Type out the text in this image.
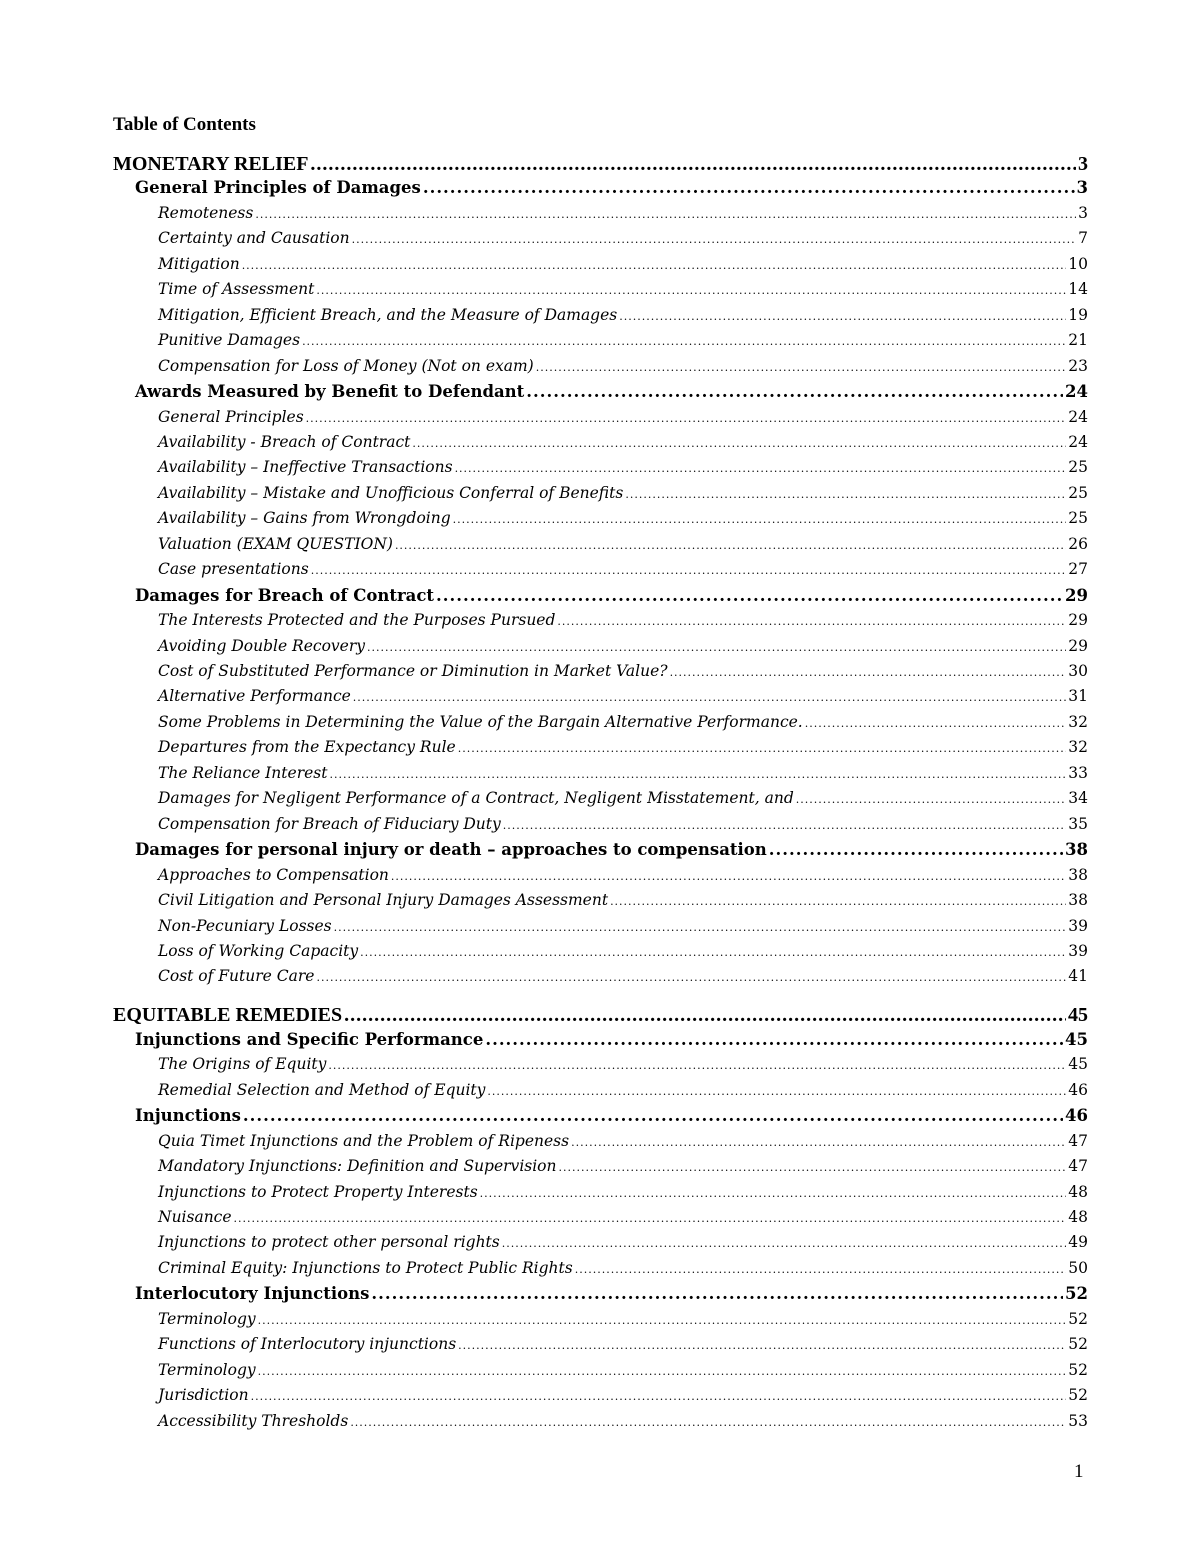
Table of Contents
MONETARY RELIEF .....	3
General Principles of Damages .....	3
Remoteness .....	3
Certainty and Causation .....	7
Mitigation .....	10
Time of Assessment .....	14
Mitigation, Efficient Breach, and the Measure of Damages .....	19
Punitive Damages .....	21
Compensation for Loss of Money (Not on exam) .....	23
Awards Measured by Benefit to Defendant .....	24
General Principles .....	24
Availability - Breach of Contract .....	24
Availability – Ineffective Transactions .....	25
Availability – Mistake and Unofficious Conferral of Benefits .....	25
Availability – Gains from Wrongdoing .....	25
Valuation (EXAM QUESTION) .....	26
Case presentations .....	27
Damages for Breach of Contract .....	29
The Interests Protected and the Purposes Pursued .....	29
Avoiding Double Recovery .....	29
Cost of Substituted Performance or Diminution in Market Value? .....	30
Alternative Performance .....	31
Some Problems in Determining the Value of the Bargain Alternative Performance. .....	32
Departures from the Expectancy Rule .....	32
The Reliance Interest .....	33
Damages for Negligent Performance of a Contract, Negligent Misstatement, and .....	34
Compensation for Breach of Fiduciary Duty .....	35
Damages for personal injury or death – approaches to compensation .....	38
Approaches to Compensation .....	38
Civil Litigation and Personal Injury Damages Assessment .....	38
Non-Pecuniary Losses .....	39
Loss of Working Capacity .....	39
Cost of Future Care .....	41
EQUITABLE REMEDIES .....	45
Injunctions and Specific Performance .....	45
The Origins of Equity .....	45
Remedial Selection and Method of Equity .....	46
Injunctions .....	46
Quia Timet Injunctions and the Problem of Ripeness .....	47
Mandatory Injunctions: Definition and Supervision .....	47
Injunctions to Protect Property Interests .....	48
Nuisance .....	48
Injunctions to protect other personal rights .....	49
Criminal Equity: Injunctions to Protect Public Rights .....	50
Interlocutory Injunctions .....	52
Terminology .....	52
Functions of Interlocutory injunctions .....	52
Terminology .....	52
Jurisdiction .....	52
Accessibility Thresholds .....	53
1
